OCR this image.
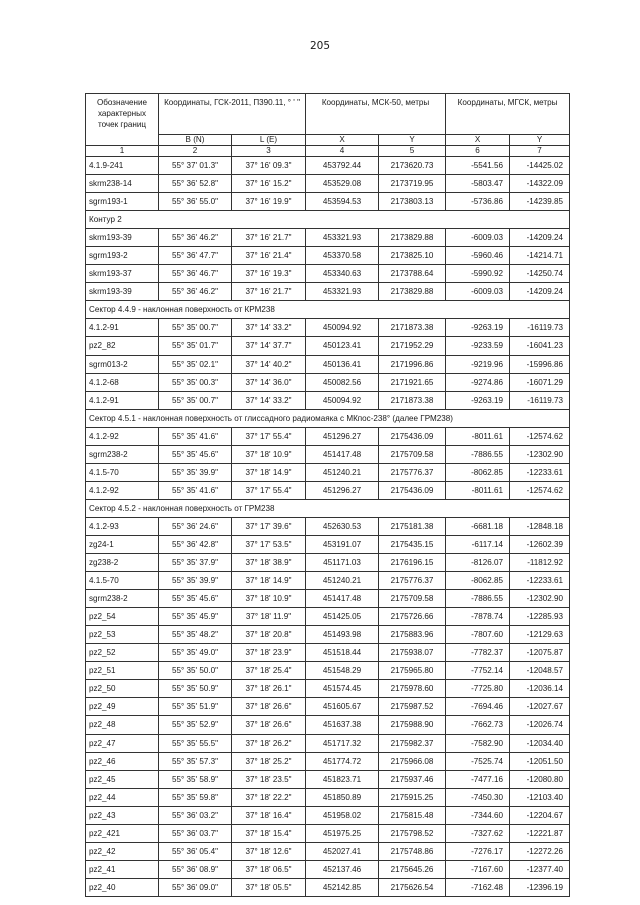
205
Обозначение характерных точек границ	Координаты, ГСК-2011, П390.11, ° ' "		Координаты, МСК-50, метры		Координаты, МГСК, метры	
	B (N)	L (E)	X	Y	X	Y
1	2	3	4	5	6	7
4.1.9-241	55° 37' 01.3"	37° 16' 09.3"	453792.44	2173620.73	-5541.56	-14425.02
skrm238-14	55° 36' 52.8"	37° 16' 15.2"	453529.08	2173719.95	-5803.47	-14322.09
sgrm193-1	55° 36' 55.0"	37° 16' 19.9"	453594.53	2173803.13	-5736.86	-14239.85
Контур 2						
skrm193-39	55° 36' 46.2"	37° 16' 21.7"	453321.93	2173829.88	-6009.03	-14209.24
sgrm193-2	55° 36' 47.7"	37° 16' 21.4"	453370.58	2173825.10	-5960.46	-14214.71
skrm193-37	55° 36' 46.7"	37° 16' 19.3"	453340.63	2173788.64	-5990.92	-14250.74
skrm193-39	55° 36' 46.2"	37° 16' 21.7"	453321.93	2173829.88	-6009.03	-14209.24
Сектор 4.4.9 - наклонная поверхность от КРМ238						
4.1.2-91	55° 35' 00.7"	37° 14' 33.2"	450094.92	2171873.38	-9263.19	-16119.73
pz2_82	55° 35' 01.7"	37° 14' 37.7"	450123.41	2171952.29	-9233.59	-16041.23
sgrm013-2	55° 35' 02.1"	37° 14' 40.2"	450136.41	2171996.86	-9219.96	-15996.86
4.1.2-68	55° 35' 00.3"	37° 14' 36.0"	450082.56	2171921.65	-9274.86	-16071.29
4.1.2-91	55° 35' 00.7"	37° 14' 33.2"	450094.92	2171873.38	-9263.19	-16119.73
Сектор 4.5.1 - наклонная поверхность от глиссадного радиомаяка с МКпос-238° (далее ГРМ238)						
4.1.2-92	55° 35' 41.6"	37° 17' 55.4"	451296.27	2175436.09	-8011.61	-12574.62
sgrm238-2	55° 35' 45.6"	37° 18' 10.9"	451417.48	2175709.58	-7886.55	-12302.90
4.1.5-70	55° 35' 39.9"	37° 18' 14.9"	451240.21	2175776.37	-8062.85	-12233.61
4.1.2-92	55° 35' 41.6"	37° 17' 55.4"	451296.27	2175436.09	-8011.61	-12574.62
Сектор 4.5.2 - наклонная поверхность от ГРМ238						
4.1.2-93	55° 36' 24.6"	37° 17' 39.6"	452630.53	2175181.38	-6681.18	-12848.18
zg24-1	55° 36' 42.8"	37° 17' 53.5"	453191.07	2175435.15	-6117.14	-12602.39
zg238-2	55° 35' 37.9"	37° 18' 38.9"	451171.03	2176196.15	-8126.07	-11812.92
4.1.5-70	55° 35' 39.9"	37° 18' 14.9"	451240.21	2175776.37	-8062.85	-12233.61
sgrm238-2	55° 35' 45.6"	37° 18' 10.9"	451417.48	2175709.58	-7886.55	-12302.90
pz2_54	55° 35' 45.9"	37° 18' 11.9"	451425.05	2175726.66	-7878.74	-12285.93
pz2_53	55° 35' 48.2"	37° 18' 20.8"	451493.98	2175883.96	-7807.60	-12129.63
pz2_52	55° 35' 49.0"	37° 18' 23.9"	451518.44	2175938.07	-7782.37	-12075.87
pz2_51	55° 35' 50.0"	37° 18' 25.4"	451548.29	2175965.80	-7752.14	-12048.57
pz2_50	55° 35' 50.9"	37° 18' 26.1"	451574.45	2175978.60	-7725.80	-12036.14
pz2_49	55° 35' 51.9"	37° 18' 26.6"	451605.67	2175987.52	-7694.46	-12027.67
pz2_48	55° 35' 52.9"	37° 18' 26.6"	451637.38	2175988.90	-7662.73	-12026.74
pz2_47	55° 35' 55.5"	37° 18' 26.2"	451717.32	2175982.37	-7582.90	-12034.40
pz2_46	55° 35' 57.3"	37° 18' 25.2"	451774.72	2175966.08	-7525.74	-12051.50
pz2_45	55° 35' 58.9"	37° 18' 23.5"	451823.71	2175937.46	-7477.16	-12080.80
pz2_44	55° 35' 59.8"	37° 18' 22.2"	451850.89	2175915.25	-7450.30	-12103.40
pz2_43	55° 36' 03.2"	37° 18' 16.4"	451958.02	2175815.48	-7344.60	-12204.67
pz2_421	55° 36' 03.7"	37° 18' 15.4"	451975.25	2175798.52	-7327.62	-12221.87
pz2_42	55° 36' 05.4"	37° 18' 12.6"	452027.41	2175748.86	-7276.17	-12272.26
pz2_41	55° 36' 08.9"	37° 18' 06.5"	452137.46	2175645.26	-7167.60	-12377.40
pz2_40	55° 36' 09.0"	37° 18' 05.5"	452142.85	2175626.54	-7162.48	-12396.19
